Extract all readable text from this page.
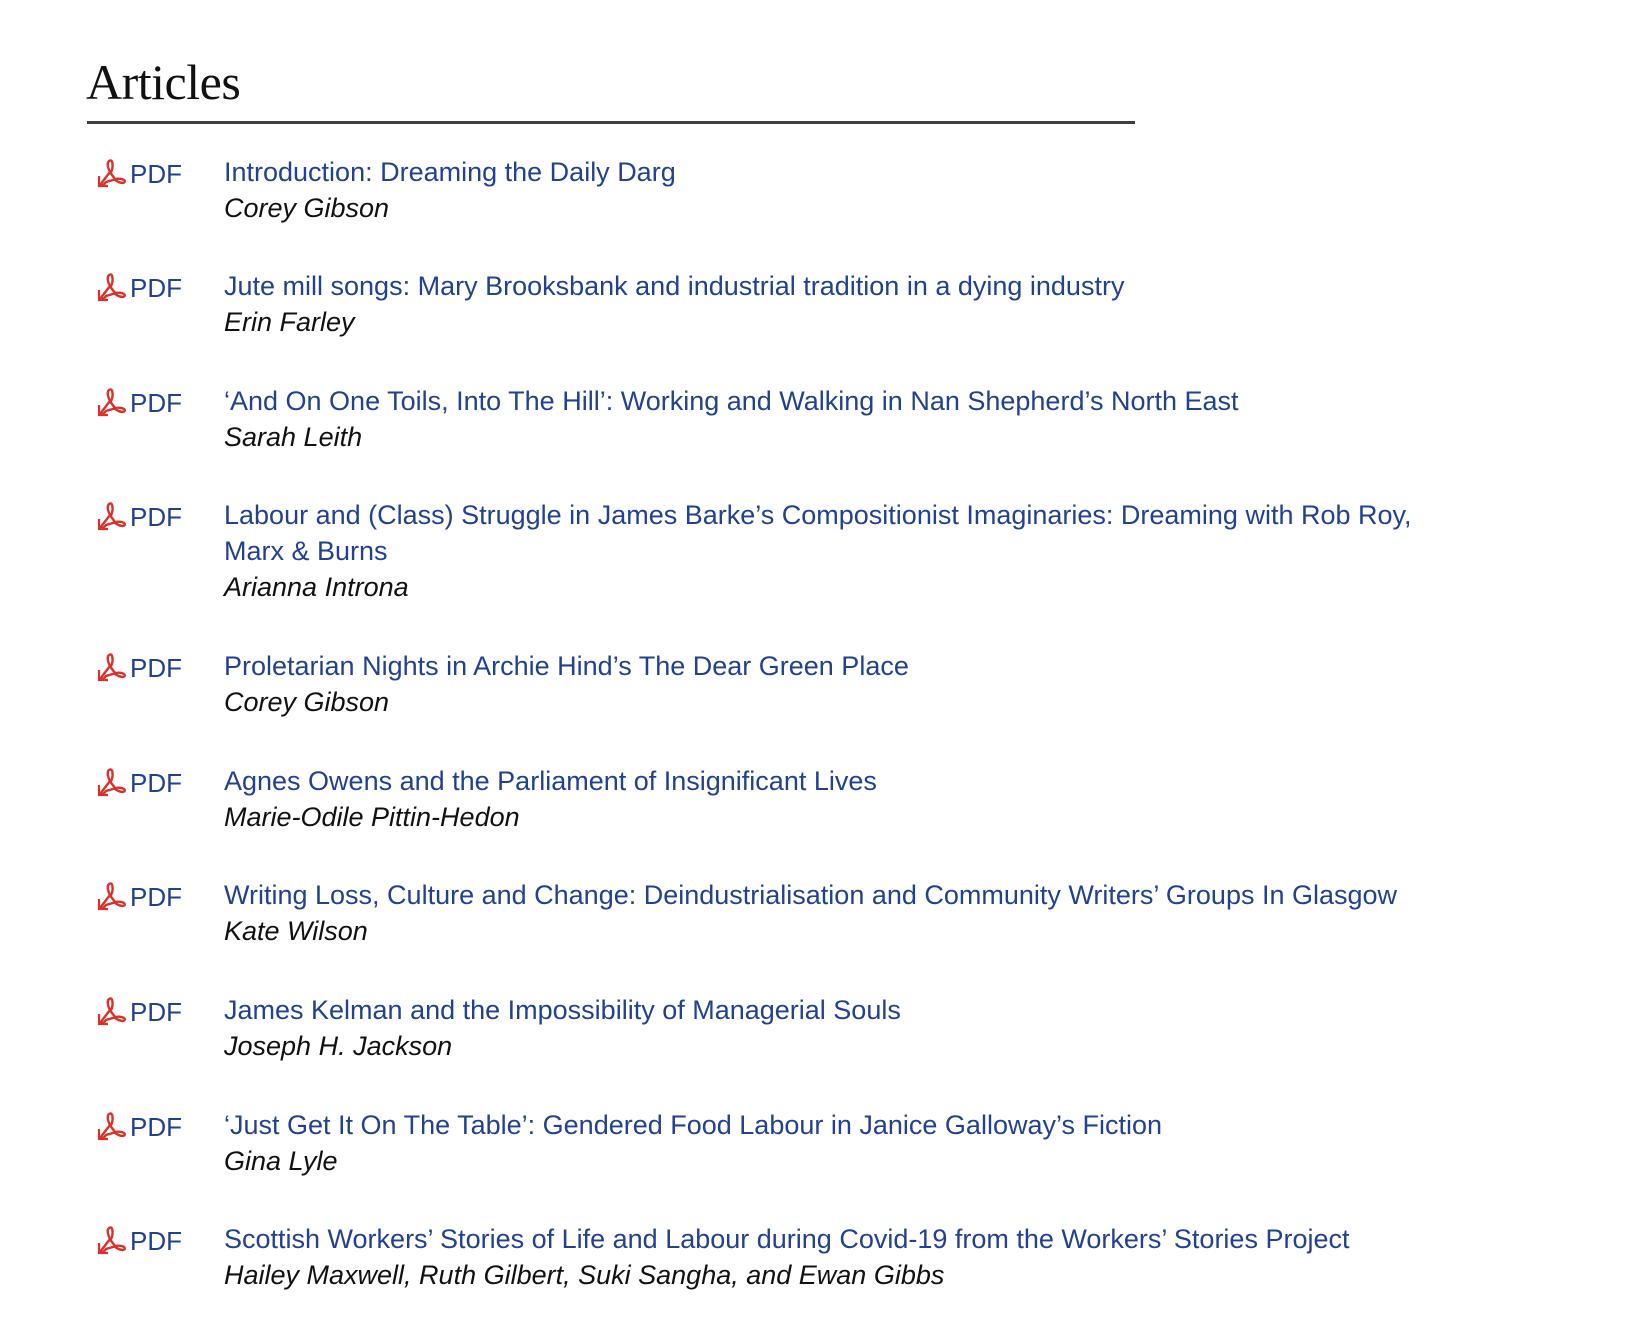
Articles
PDF Introduction: Dreaming the Daily Darg
Corey Gibson
PDF Jute mill songs: Mary Brooksbank and industrial tradition in a dying industry
Erin Farley
PDF ‘And On One Toils, Into The Hill’: Working and Walking in Nan Shepherd’s North East
Sarah Leith
PDF Labour and (Class) Struggle in James Barke’s Compositionist Imaginaries: Dreaming with Rob Roy, Marx & Burns
Arianna Introna
PDF Proletarian Nights in Archie Hind’s The Dear Green Place
Corey Gibson
PDF Agnes Owens and the Parliament of Insignificant Lives
Marie-Odile Pittin-Hedon
PDF Writing Loss, Culture and Change: Deindustrialisation and Community Writers’ Groups In Glasgow
Kate Wilson
PDF James Kelman and the Impossibility of Managerial Souls
Joseph H. Jackson
PDF ‘Just Get It On The Table’: Gendered Food Labour in Janice Galloway’s Fiction
Gina Lyle
PDF Scottish Workers’ Stories of Life and Labour during Covid-19 from the Workers’ Stories Project
Hailey Maxwell, Ruth Gilbert, Suki Sangha, and Ewan Gibbs
